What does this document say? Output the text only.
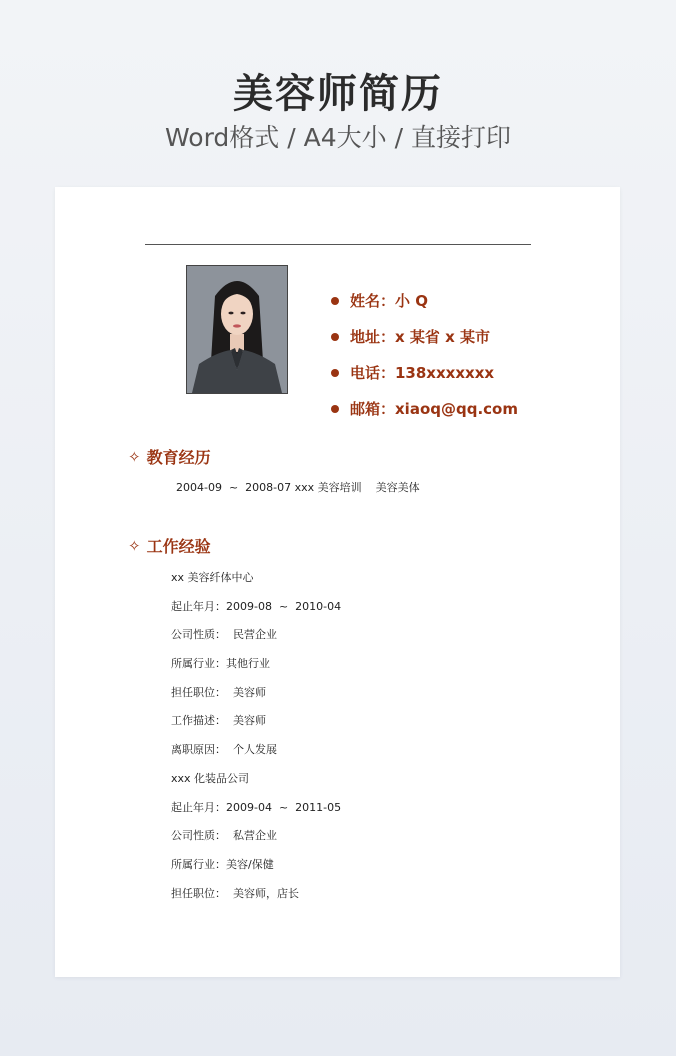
美容师简历
Word格式 / A4大小 / 直接打印
姓名：小 Q
地址：x 某省 x 某市
电话：138xxxxxxx
邮箱：xiaoq@qq.com
✧ 教育经历
2004-09  ~  2008-07 xxx 美容培训    美容美体
✧ 工作经验
xx 美容纤体中心
起止年月：2009-08  ~  2010-04
公司性质：  民营企业
所属行业：其他行业
担任职位：  美容师
工作描述：  美容师
离职原因：  个人发展
xxx 化装品公司
起止年月：2009-04  ~  2011-05
公司性质：  私营企业
所属行业：美容/保健
担任职位：  美容师，店长
